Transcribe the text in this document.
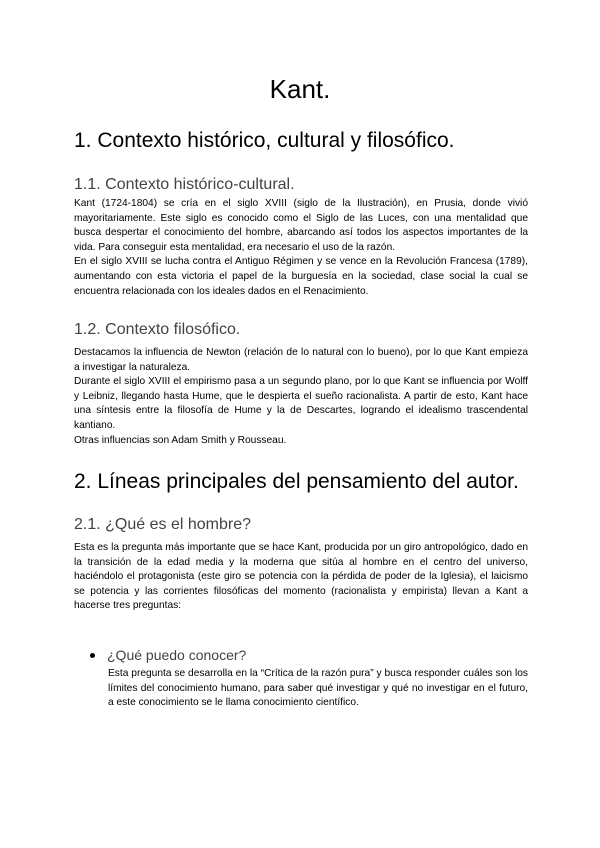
Kant.
1. Contexto histórico, cultural y filosófico.
1.1. Contexto histórico-cultural.

Kant (1724-1804) se cría en el siglo XVIII (siglo de la Ilustración), en Prusia, donde vivió mayoritariamente. Este siglo es conocido como el Siglo de las Luces, con una mentalidad que busca despertar el conocimiento del hombre, abarcando así todos los aspectos importantes de la vida. Para conseguir esta mentalidad, era necesario el uso de la razón.

En el siglo XVIII se lucha contra el Antiguo Régimen y se vence en la Revolución Francesa (1789), aumentando con esta victoria el papel de la burguesía en la sociedad, clase social la cual se encuentra relacionada con los ideales dados en el Renacimiento.

1.2. Contexto filosófico.

Destacamos la influencia de Newton (relación de lo natural con lo bueno), por lo que Kant empieza a investigar la naturaleza.

Durante el siglo XVIII el empirismo pasa a un segundo plano, por lo que Kant se influencia por Wolff y Leibniz, llegando hasta Hume, que le despierta el sueño racionalista. A partir de esto, Kant hace una síntesis entre la filosofía de Hume y la de Descartes, logrando el idealismo trascendental kantiano.

Otras influencias son Adam Smith y Rousseau.

2. Líneas principales del pensamiento del autor.
2.1. ¿Qué es el hombre?

Esta es la pregunta más importante que se hace Kant, producida por un giro antropológico, dado en la transición de la edad media y la moderna que sitúa al hombre en el centro del universo, haciéndolo el protagonista (este giro se potencia con la pérdida de poder de la Iglesia), el laicismo se potencia y las corrientes filosóficas del momento (racionalista y empirista) llevan a Kant a hacerse tres preguntas:

¿Qué puedo conocer?

Esta pregunta se desarrolla en la “Crítica de la razón pura” y busca responder cuáles son los límites del conocimiento humano, para saber qué investigar y qué no investigar en el futuro, a este conocimiento se le llama conocimiento científico.
